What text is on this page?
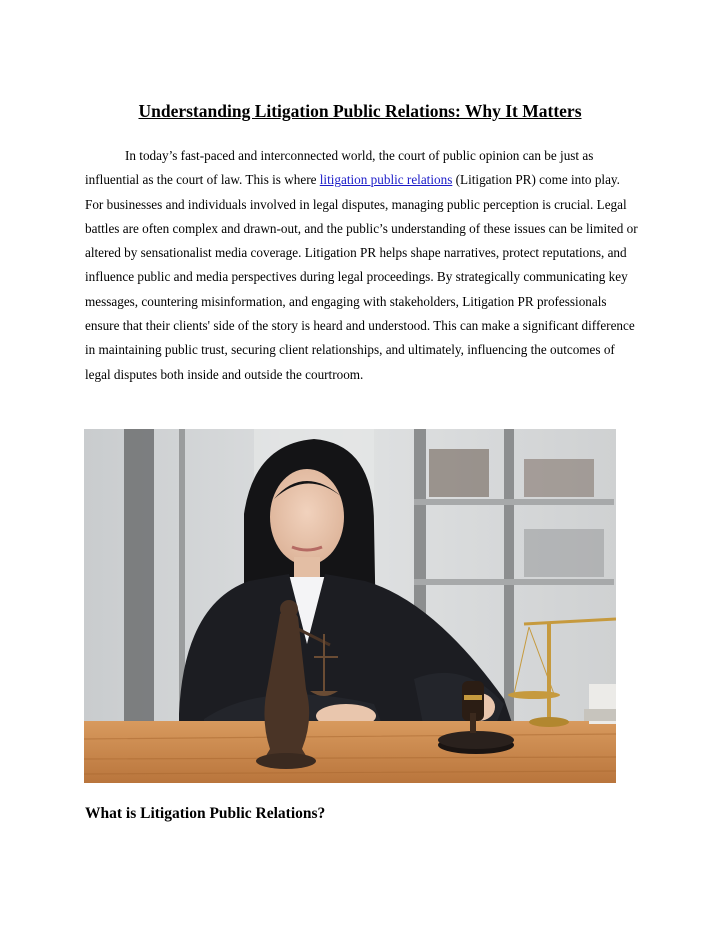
Understanding Litigation Public Relations: Why It Matters

In today’s fast-paced and interconnected world, the court of public opinion can be just as influential as the court of law. This is where litigation public relations (Litigation PR) come into play. For businesses and individuals involved in legal disputes, managing public perception is crucial. Legal battles are often complex and drawn-out, and the public’s understanding of these issues can be limited or altered by sensationalist media coverage. Litigation PR helps shape narratives, protect reputations, and influence public and media perspectives during legal proceedings. By strategically communicating key messages, countering misinformation, and engaging with stakeholders, Litigation PR professionals ensure that their clients' side of the story is heard and understood. This can make a significant difference in maintaining public trust, securing client relationships, and ultimately, influencing the outcomes of legal disputes both inside and outside the courtroom.

What is Litigation Public Relations?
